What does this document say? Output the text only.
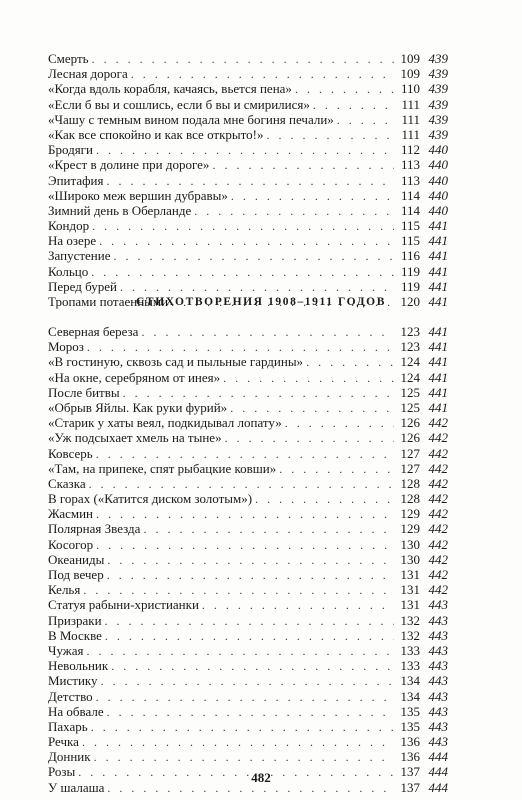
Смерть . . .	109 439
Лесная дорога . . .	109 439
«Когда вдоль корабля, качаясь, вьется пена» . . .	110 439
«Если б вы и сошлись, если б вы и смирилися» . . .	111 439
«Чашу с темным вином подала мне богиня печали» . . .	111 439
«Как все спокойно и как все открыто!» . . .	111 439
Бродяги . . .	112 440
«Крест в долине при дороге» . . .	113 440
Эпитафия . . .	113 440
«Широко меж вершин дубравы» . . .	114 440
Зимний день в Оберланде . . .	114 440
Кондор . . .	115 441
На озере . . .	115 441
Запустение . . .	116 441
Кольцо . . .	119 441
Перед бурей . . .	119 441
Тропами потаенными . . .	120 441
СТИХОТВОРЕНИЯ 1908–1911 ГОДОВ
Северная береза . . .	123 441
Мороз . . .	123 441
«В гостиную, сквозь сад и пыльные гардины» . . .	124 441
«На окне, серебряном от инея» . . .	124 441
После битвы . . .	125 441
«Обрыв Яйлы. Как руки фурий» . . .	125 441
«Старик у хаты веял, подкидывал лопату» . . .	126 442
«Уж подсыхает хмель на тыне» . . .	126 442
Ковсерь . . .	127 442
«Там, на припеке, спят рыбацкие ковши» . . .	127 442
Сказка . . .	128 442
В горах («Катится диском золотым») . . .	128 442
Жасмин . . .	129 442
Полярная Звезда . . .	129 442
Косогор . . .	130 442
Океаниды . . .	130 442
Под вечер . . .	131 442
Келья . . .	131 442
Статуя рабыни-христианки . . .	131 443
Призраки . . .	132 443
В Москве . . .	132 443
Чужая . . .	133 443
Невольник . . .	133 443
Мистику . . .	134 443
Детство . . .	134 443
На обвале . . .	135 443
Пахарь . . .	135 443
Речка . . .	136 443
Донник . . .	136 444
Розы . . .	137 444
У шалаша . . .	137 444
482
